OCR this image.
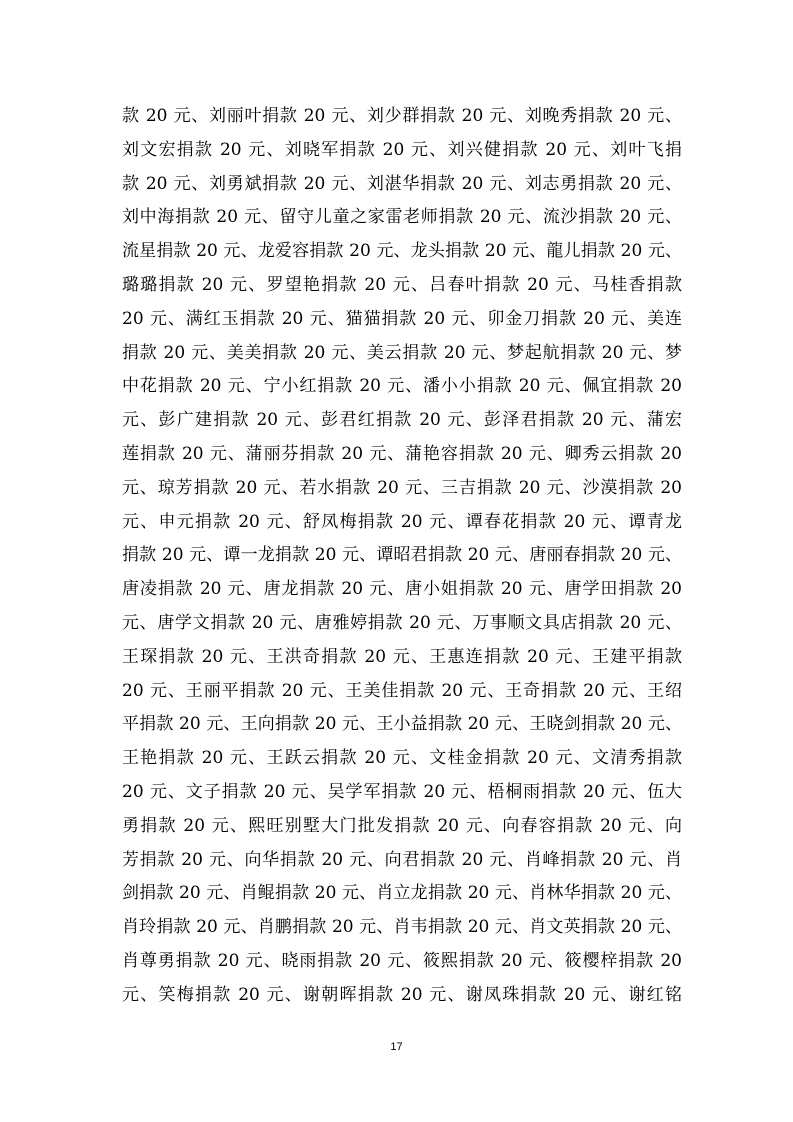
款 20 元、刘丽叶捐款 20 元、刘少群捐款 20 元、刘晚秀捐款 20 元、
刘文宏捐款 20 元、刘晓军捐款 20 元、刘兴健捐款 20 元、刘叶飞捐
款 20 元、刘勇斌捐款 20 元、刘湛华捐款 20 元、刘志勇捐款 20 元、
刘中海捐款 20 元、留守儿童之家雷老师捐款 20 元、流沙捐款 20 元、
流星捐款 20 元、龙爱容捐款 20 元、龙头捐款 20 元、龍儿捐款 20 元、
璐璐捐款 20 元、罗望艳捐款 20 元、吕春叶捐款 20 元、马桂香捐款
20 元、满红玉捐款 20 元、猫猫捐款 20 元、卯金刀捐款 20 元、美连
捐款 20 元、美美捐款 20 元、美云捐款 20 元、梦起航捐款 20 元、梦
中花捐款 20 元、宁小红捐款 20 元、潘小小捐款 20 元、佩宜捐款 20
元、彭广建捐款 20 元、彭君红捐款 20 元、彭泽君捐款 20 元、蒲宏
莲捐款 20 元、蒲丽芬捐款 20 元、蒲艳容捐款 20 元、卿秀云捐款 20
元、琼芳捐款 20 元、若水捐款 20 元、三吉捐款 20 元、沙漠捐款 20
元、申元捐款 20 元、舒凤梅捐款 20 元、谭春花捐款 20 元、谭青龙
捐款 20 元、谭一龙捐款 20 元、谭昭君捐款 20 元、唐丽春捐款 20 元、
唐凌捐款 20 元、唐龙捐款 20 元、唐小姐捐款 20 元、唐学田捐款 20
元、唐学文捐款 20 元、唐雅婷捐款 20 元、万事顺文具店捐款 20 元、
王琛捐款 20 元、王洪奇捐款 20 元、王惠连捐款 20 元、王建平捐款
20 元、王丽平捐款 20 元、王美佳捐款 20 元、王奇捐款 20 元、王绍
平捐款 20 元、王向捐款 20 元、王小益捐款 20 元、王晓剑捐款 20 元、
王艳捐款 20 元、王跃云捐款 20 元、文桂金捐款 20 元、文清秀捐款
20 元、文子捐款 20 元、吴学军捐款 20 元、梧桐雨捐款 20 元、伍大
勇捐款 20 元、熙旺别墅大门批发捐款 20 元、向春容捐款 20 元、向
芳捐款 20 元、向华捐款 20 元、向君捐款 20 元、肖峰捐款 20 元、肖
剑捐款 20 元、肖鲲捐款 20 元、肖立龙捐款 20 元、肖林华捐款 20 元、
肖玲捐款 20 元、肖鹏捐款 20 元、肖韦捐款 20 元、肖文英捐款 20 元、
肖尊勇捐款 20 元、晓雨捐款 20 元、筱熙捐款 20 元、筱樱梓捐款 20
元、笑梅捐款 20 元、谢朝晖捐款 20 元、谢凤珠捐款 20 元、谢红铭
17
